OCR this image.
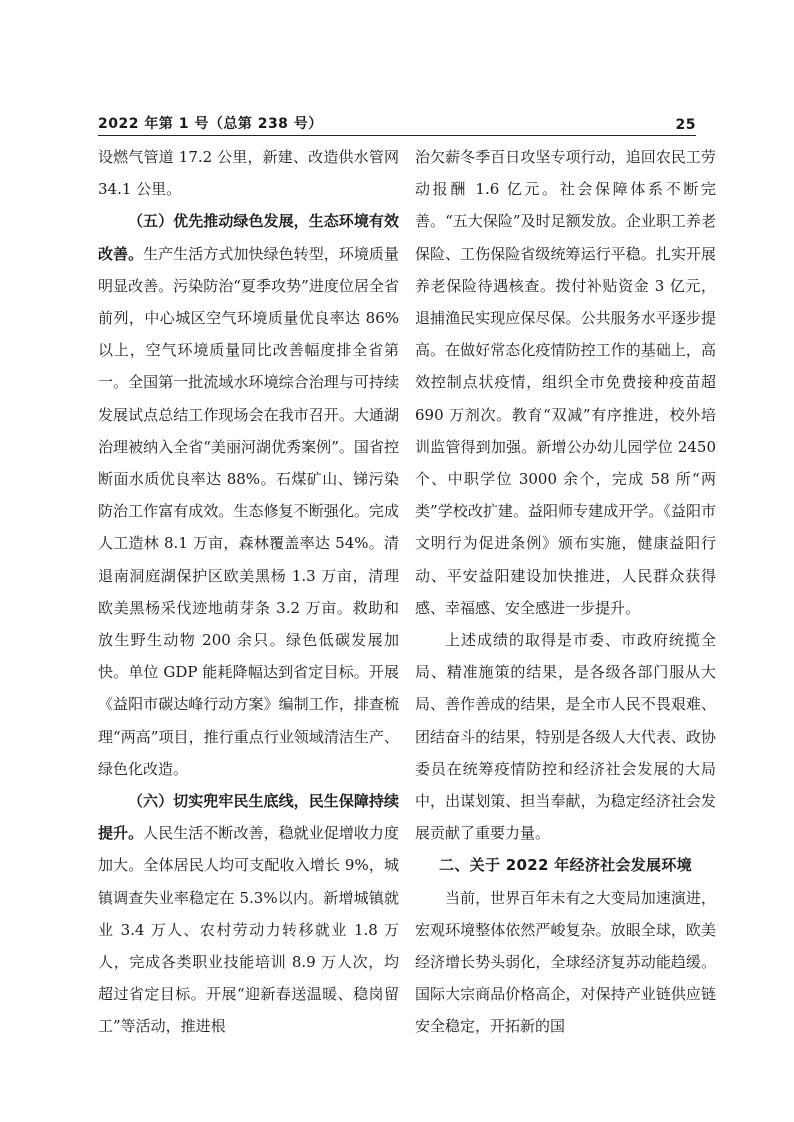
2022 年第 1 号（总第 238 号）	25

设燃气管道 17.2 公里，新建、改造供水管网 34.1 公里。

（五）优先推动绿色发展，生态环境有效改善。生产生活方式加快绿色转型，环境质量明显改善。污染防治“夏季攻势”进度位居全省前列，中心城区空气环境质量优良率达 86%以上，空气环境质量同比改善幅度排全省第一。全国第一批流域水环境综合治理与可持续发展试点总结工作现场会在我市召开。大通湖治理被纳入全省“美丽河湖优秀案例”。国省控断面水质优良率达 88%。石煤矿山、锑污染防治工作富有成效。生态修复不断强化。完成人工造林 8.1 万亩，森林覆盖率达 54%。清退南洞庭湖保护区欧美黑杨 1.3 万亩，清理欧美黑杨采伐迹地萌芽条 3.2 万亩。救助和放生野生动物 200 余只。绿色低碳发展加快。单位 GDP 能耗降幅达到省定目标。开展《益阳市碳达峰行动方案》编制工作，排查梳理“两高”项目，推行重点行业领域清洁生产、绿色化改造。

（六）切实兜牢民生底线，民生保障持续提升。人民生活不断改善，稳就业促增收力度加大。全体居民人均可支配收入增长 9%，城镇调查失业率稳定在 5.3%以内。新增城镇就业 3.4 万人、农村劳动力转移就业 1.8 万人，完成各类职业技能培训 8.9 万人次，均超过省定目标。开展“迎新春送温暖、稳岗留工”等活动，推进根

治欠薪冬季百日攻坚专项行动，追回农民工劳动报酬 1.6 亿元。社会保障体系不断完善。“五大保险”及时足额发放。企业职工养老保险、工伤保险省级统筹运行平稳。扎实开展养老保险待遇核查。拨付补贴资金 3 亿元，退捕渔民实现应保尽保。公共服务水平逐步提高。在做好常态化疫情防控工作的基础上，高效控制点状疫情，组织全市免费接种疫苗超 690 万剂次。教育“双减”有序推进，校外培训监管得到加强。新增公办幼儿园学位 2450 个、中职学位 3000 余个，完成 58 所“两类”学校改扩建。益阳师专建成开学。《益阳市文明行为促进条例》颁布实施，健康益阳行动、平安益阳建设加快推进，人民群众获得感、幸福感、安全感进一步提升。

上述成绩的取得是市委、市政府统揽全局、精准施策的结果，是各级各部门服从大局、善作善成的结果，是全市人民不畏艰难、团结奋斗的结果，特别是各级人大代表、政协委员在统筹疫情防控和经济社会发展的大局中，出谋划策、担当奉献，为稳定经济社会发展贡献了重要力量。

二、关于 2022 年经济社会发展环境

当前，世界百年未有之大变局加速演进，宏观环境整体依然严峻复杂。放眼全球，欧美经济增长势头弱化，全球经济复苏动能趋缓。国际大宗商品价格高企，对保持产业链供应链安全稳定，开拓新的国
